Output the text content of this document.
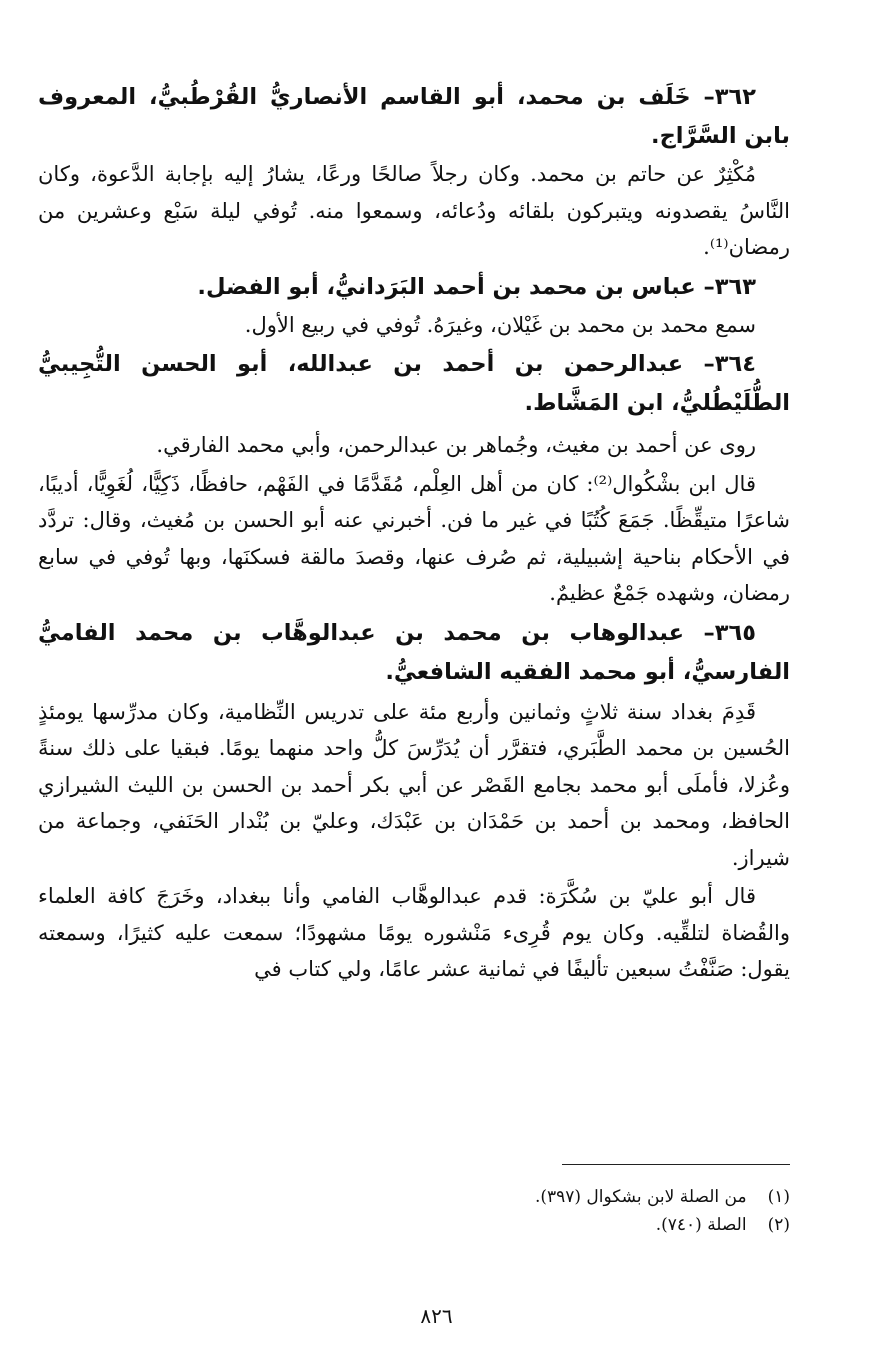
٣٦٢– خَلَف بن محمد، أبو القاسم الأنصاريُّ القُرْطُبيُّ، المعروف بابن السَّرَّاج.

مُكْثِرٌ عن حاتم بن محمد. وكان رجلاً صالحًا ورعًا، يشارُ إليه بإجابة الدَّعوة، وكان النَّاسُ يقصدونه ويتبركون بلقائه ودُعائه، وسمعوا منه. تُوفي ليلة سَبْع وعشرين من رمضان⁽¹⁾.

٣٦٣– عباس بن محمد بن أحمد البَرَدانيُّ، أبو الفضل.

سمع محمد بن محمد بن غَيْلان، وغيرَهُ. تُوفي في ربيع الأول.

٣٦٤– عبدالرحمن بن أحمد بن عبدالله، أبو الحسن التُّجِيبيُّ الطُّلَيْطُليُّ، ابن المَشَّاط.

روى عن أحمد بن مغيث، وجُماهر بن عبدالرحمن، وأبي محمد الفارقي.

قال ابن بشْكُوال⁽²⁾: كان من أهل العِلْم، مُقَدَّمًا في الفَهْم، حافظًا، ذَكِيًّا، لُغَوِيًّا، أديبًا، شاعرًا متيقِّظًا. جَمَعَ كُتُبًا في غير ما فن. أخبرني عنه أبو الحسن بن مُغيث، وقال: تردَّد في الأحكام بناحية إشبيلية، ثم صُرف عنها، وقصدَ مالقة فسكنَها، وبها تُوفي في سابع رمضان، وشهده جَمْعٌ عظيمٌ.

٣٦٥– عبدالوهاب بن محمد بن عبدالوهَّاب بن محمد الفاميُّ الفارسيُّ، أبو محمد الفقيه الشافعيُّ.

قَدِمَ بغداد سنة ثلاثٍ وثمانين وأربع مئة على تدريس النِّظامية، وكان مدرِّسها يومئذٍ الحُسين بن محمد الطَّبَري، فتقرَّر أن يُدَرِّسَ كلُّ واحد منهما يومًا. فبقيا على ذلك سنةً وعُزلا، فأملَى أبو محمد بجامع القَصْر عن أبي بكر أحمد بن الحسن بن الليث الشيرازي الحافظ، ومحمد بن أحمد بن حَمْدَان بن عَبْدَك، وعليّ بن بُنْدار الحَنَفي، وجماعة من شيراز.

قال أبو عليّ بن سُكَّرَة: قدم عبدالوهَّاب الفامي وأنا ببغداد، وخَرَجَ كافة العلماء والقُضاة لتلقِّيه. وكان يوم قُرِىء مَنْشوره يومًا مشهودًا؛ سمعت عليه كثيرًا، وسمعته يقول: صَنَّفْتُ سبعين تأليفًا في ثمانية عشر عامًا، ولي كتاب في

(١) من الصلة لابن بشكوال (٣٩٧).

(٢) الصلة (٧٤٠).

٨٢٦
